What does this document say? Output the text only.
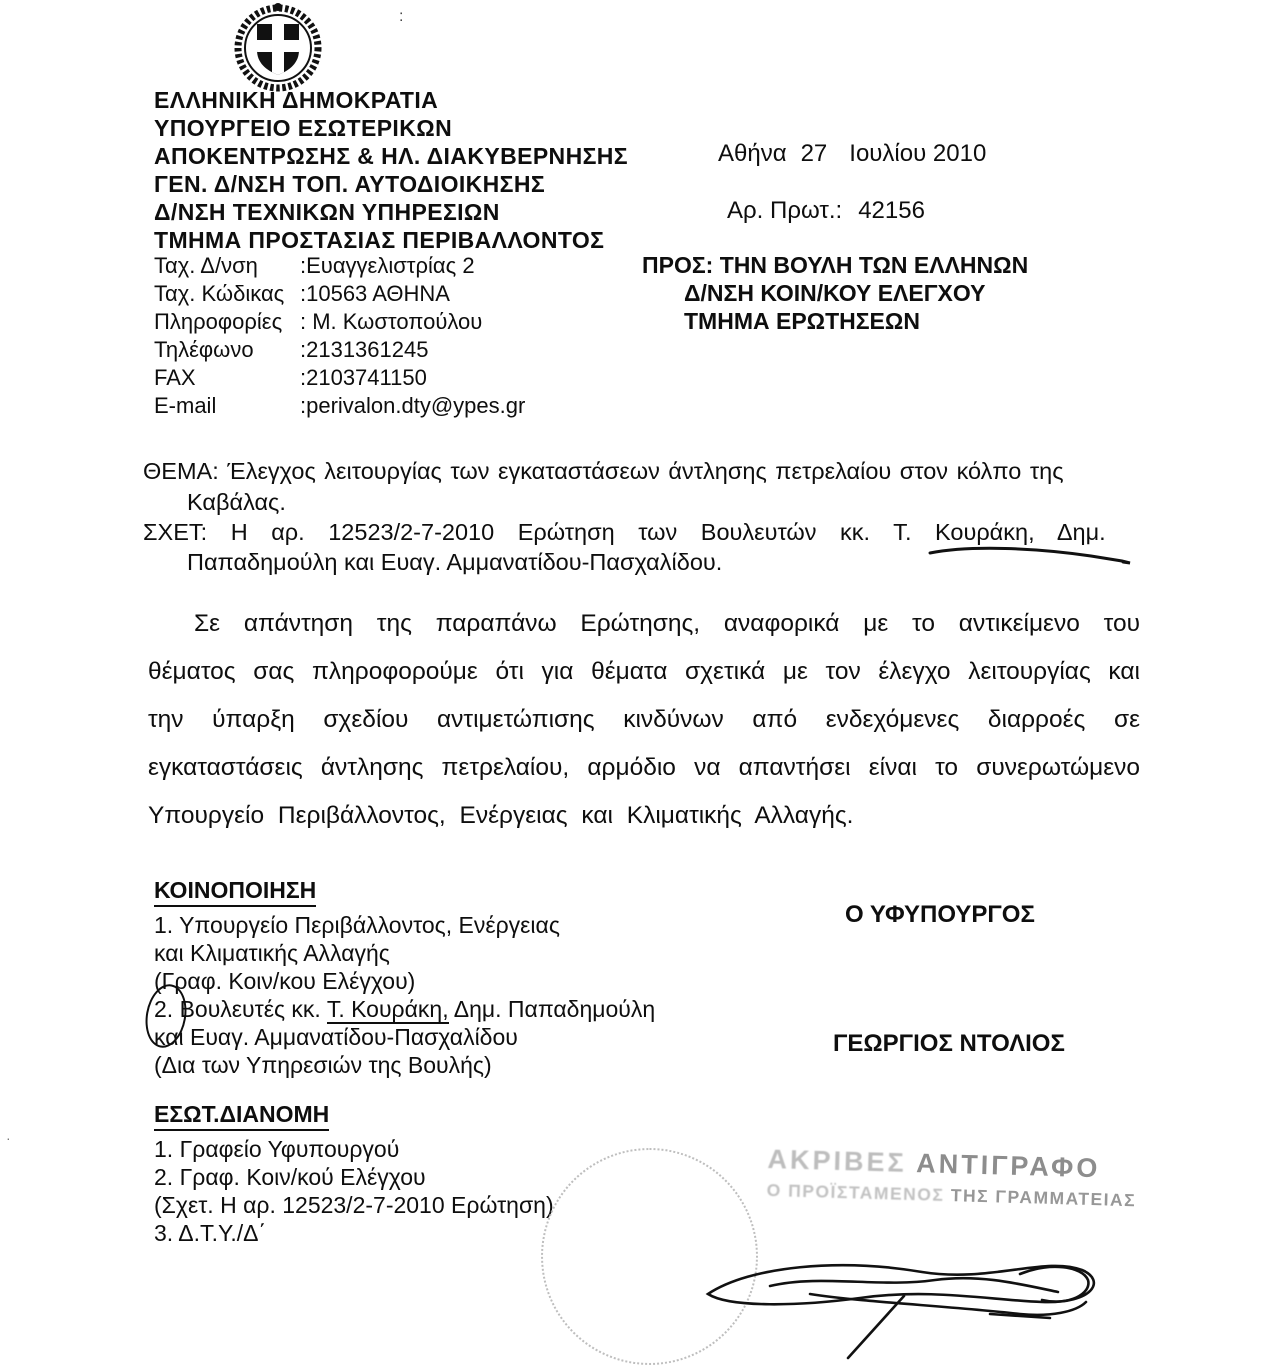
:
·
ΕΛΛΗΝΙΚΗ ΔΗΜΟΚΡΑΤΙΑ
ΥΠΟΥΡΓΕΙΟ ΕΣΩΤΕΡΙΚΩΝ
ΑΠΟΚΕΝΤΡΩΣΗΣ & ΗΛ. ΔΙΑΚΥΒΕΡΝΗΣΗΣ
ΓΕΝ. Δ/ΝΣΗ ΤΟΠ. ΑΥΤΟΔΙΟΙΚΗΣΗΣ
Δ/ΝΣΗ ΤΕΧΝΙΚΩΝ ΥΠΗΡΕΣΙΩΝ
ΤΜΗΜΑ ΠΡΟΣΤΑΣΙΑΣ ΠΕΡΙΒΑΛΛΟΝΤΟΣ
Αθήνα 27 Ιουλίου 2010
Αρ. Πρωτ.: 42156
ΠΡΟΣ: ΤΗΝ ΒΟΥΛΗ ΤΩΝ ΕΛΛΗΝΩΝ
Δ/ΝΣΗ ΚΟΙΝ/ΚΟΥ ΕΛΕΓΧΟΥ
ΤΜΗΜΑ ΕΡΩΤΗΣΕΩΝ
Ταχ. Δ/νση	:Ευαγγελιστρίας 2
Ταχ. Κώδικας :10563 ΑΘΗΝΑ
Πληροφορίες : Μ. Κωστοπούλου
Τηλέφωνο	:2131361245
FAX	:2103741150
E-mail	:perivalon.dty@ypes.gr
ΘΕΜΑ: Έλεγχος λειτουργίας των εγκαταστάσεων άντλησης πετρελαίου στον κόλπο της
Καβάλας.
ΣΧΕΤ: Η αρ. 12523/2-7-2010 Ερώτηση των Βουλευτών κκ. Τ. Κουράκη, Δημ.
Παπαδημούλη και Ευαγ. Αμμανατίδου-Πασχαλίδου.
Σε απάντηση της παραπάνω Ερώτησης, αναφορικά με το αντικείμενο του θέματος σας πληροφορούμε ότι για θέματα σχετικά με τον έλεγχο λειτουργίας και την ύπαρξη σχεδίου αντιμετώπισης κινδύνων από ενδεχόμενες διαρροές σε εγκαταστάσεις άντλησης πετρελαίου, αρμόδιο να απαντήσει είναι το συνερωτώμενο Υπουργείο Περιβάλλοντος, Ενέργειας και Κλιματικής Αλλαγής.
ΚΟΙΝΟΠΟΙΗΣΗ
1. Υπουργείο Περιβάλλοντος, Ενέργειας
και Κλιματικής Αλλαγής
(Γραφ. Κοιν/κου Ελέγχου)
2. Βουλευτές κκ. Τ. Κουράκη, Δημ. Παπαδημούλη
και Ευαγ. Αμμανατίδου-Πασχαλίδου
(Δια των Υπηρεσιών της Βουλής)
Ο ΥΦΥΠΟΥΡΓΟΣ
ΓΕΩΡΓΙΟΣ ΝΤΟΛΙΟΣ
ΕΣΩΤ.ΔΙΑΝΟΜΗ
1. Γραφείο Υφυπουργού
2. Γραφ. Κοιν/κού Ελέγχου
(Σχετ. Η αρ. 12523/2-7-2010 Ερώτηση)
3. Δ.Τ.Υ./Δ΄
ΑΚΡΙΒΕΣ ΑΝΤΙΓΡΑΦΟ
Ο ΠΡΟΪΣΤΑΜΕΝΟΣ ΤΗΣ ΓΡΑΜΜΑΤΕΙΑΣ
